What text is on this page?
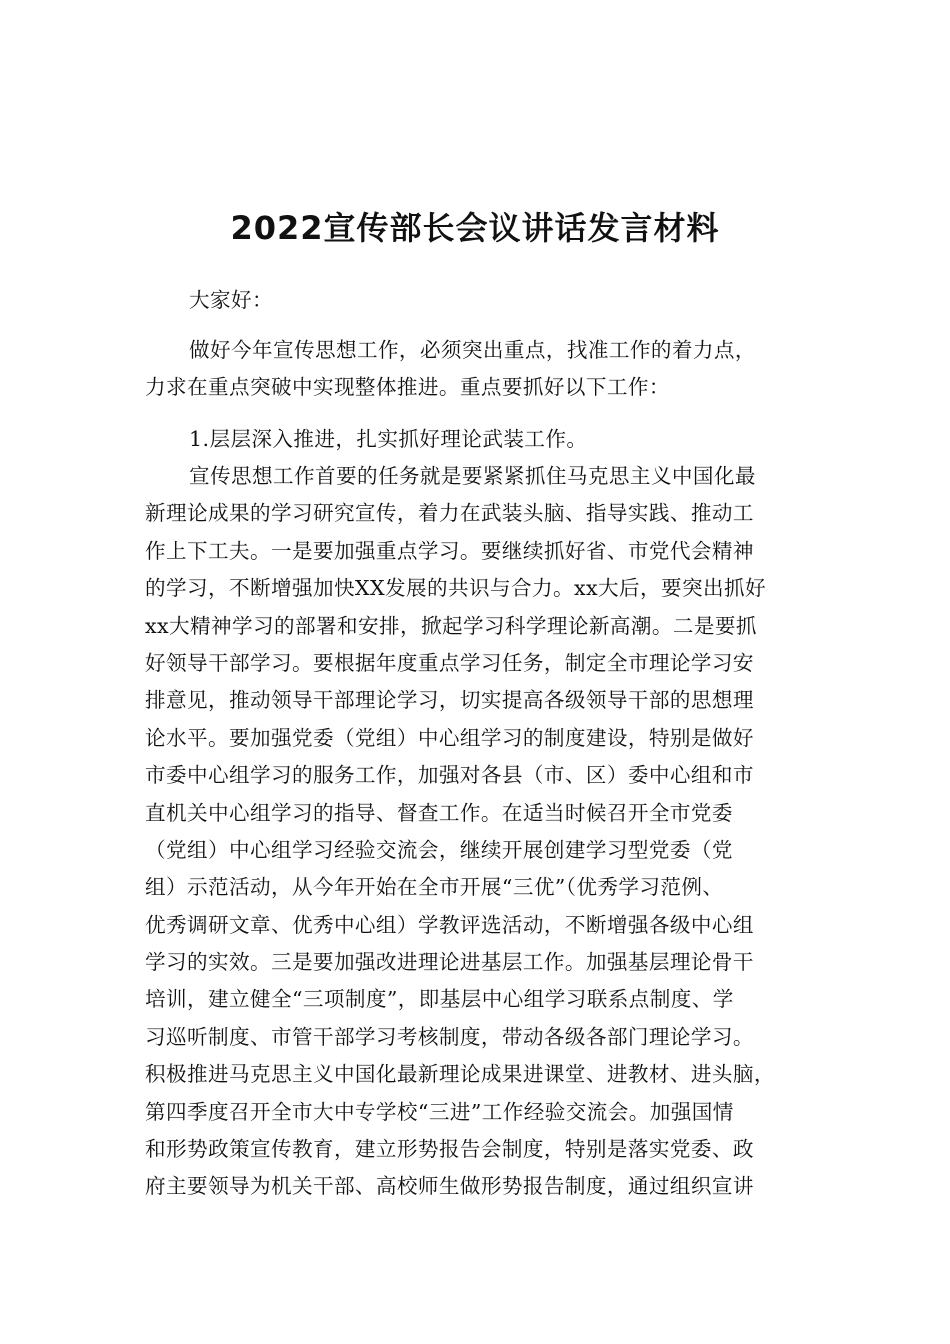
2022宣传部长会议讲话发言材料

大家好：

做好今年宣传思想工作，必须突出重点，找准工作的着力点，
力求在重点突破中实现整体推进。重点要抓好以下工作：

1.层层深入推进，扎实抓好理论武装工作。

宣传思想工作首要的任务就是要紧紧抓住马克思主义中国化最
新理论成果的学习研究宣传，着力在武装头脑、指导实践、推动工
作上下工夫。一是要加强重点学习。要继续抓好省、市党代会精神
的学习，不断增强加快XX发展的共识与合力。xx大后，要突出抓好
xx大精神学习的部署和安排，掀起学习科学理论新高潮。二是要抓
好领导干部学习。要根据年度重点学习任务，制定全市理论学习安
排意见，推动领导干部理论学习，切实提高各级领导干部的思想理
论水平。要加强党委（党组）中心组学习的制度建设，特别是做好
市委中心组学习的服务工作，加强对各县（市、区）委中心组和市
直机关中心组学习的指导、督查工作。在适当时候召开全市党委
（党组）中心组学习经验交流会，继续开展创建学习型党委（党
组）示范活动，从今年开始在全市开展“三优”（优秀学习范例、
优秀调研文章、优秀中心组）学教评选活动，不断增强各级中心组
学习的实效。三是要加强改进理论进基层工作。加强基层理论骨干
培训，建立健全“三项制度”，即基层中心组学习联系点制度、学
习巡听制度、市管干部学习考核制度，带动各级各部门理论学习。
积极推进马克思主义中国化最新理论成果进课堂、进教材、进头脑，
第四季度召开全市大中专学校“三进”工作经验交流会。加强国情
和形势政策宣传教育，建立形势报告会制度，特别是落实党委、政
府主要领导为机关干部、高校师生做形势报告制度，通过组织宣讲
